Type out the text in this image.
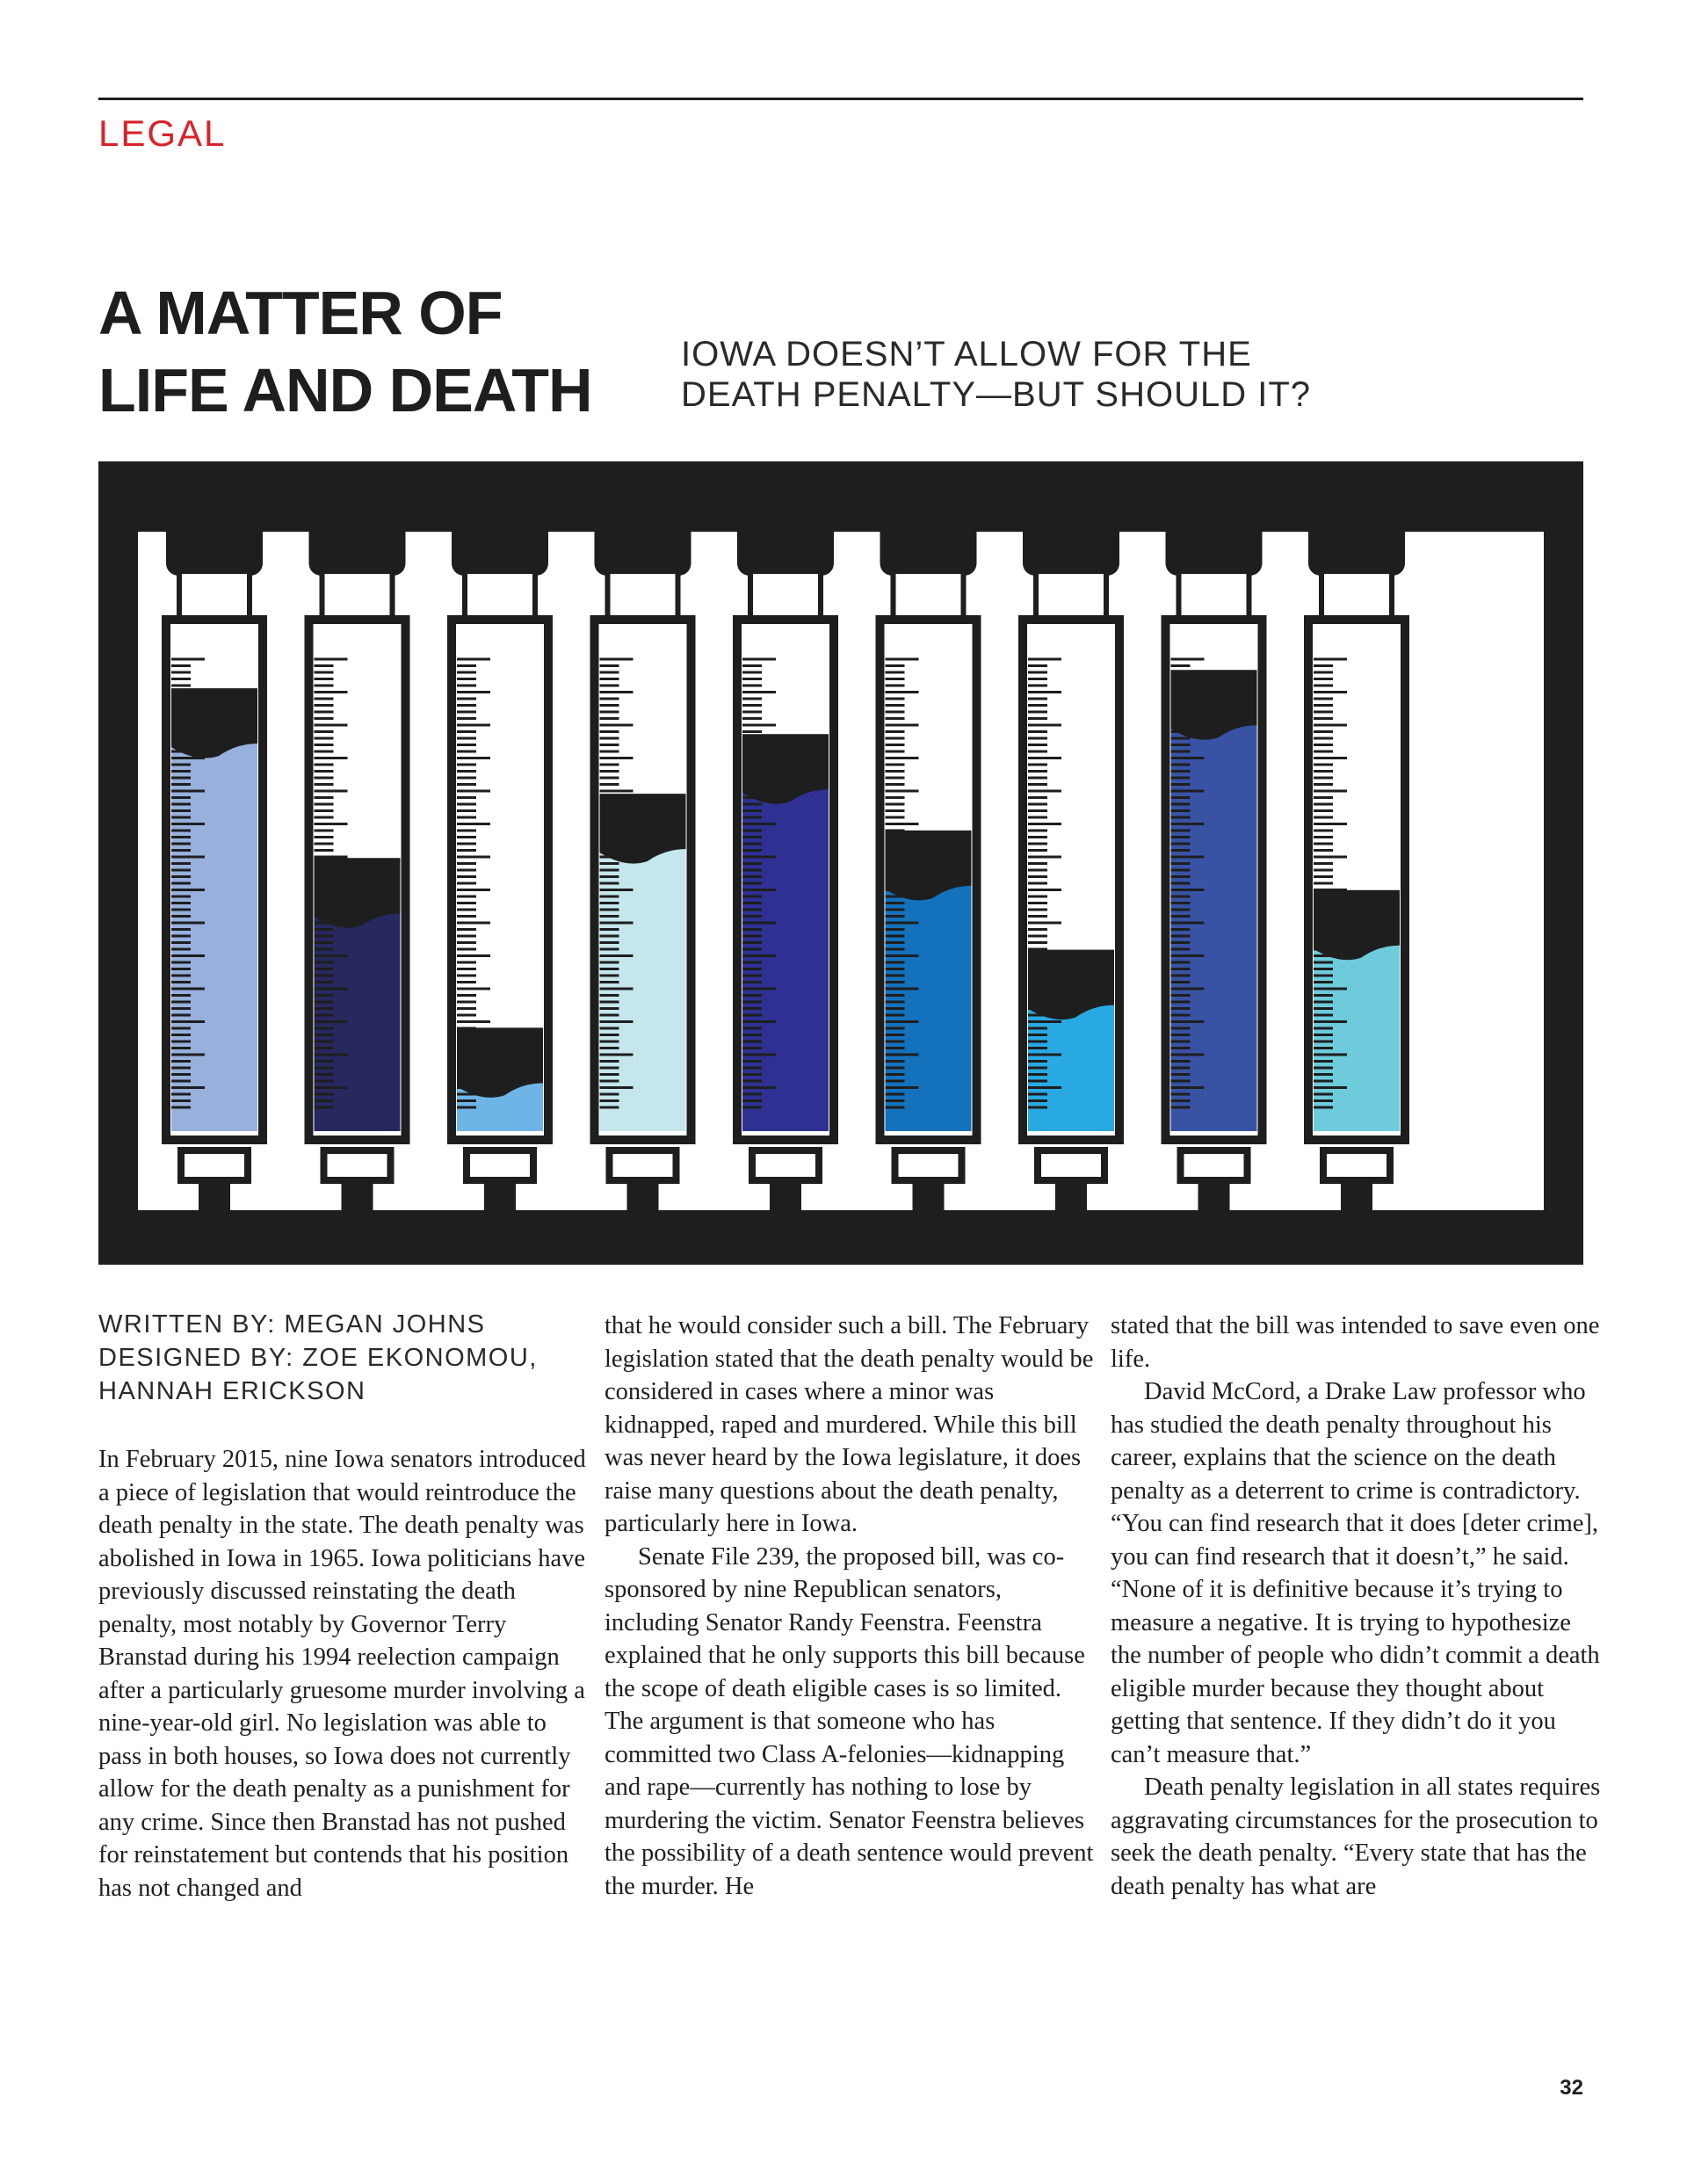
LEGAL
A MATTER OF
LIFE AND DEATH
IOWA DOESN’T ALLOW FOR THE
DEATH PENALTY—BUT SHOULD IT?
WRITTEN BY: MEGAN JOHNS
DESIGNED BY: ZOE EKONOMOU,
HANNAH ERICKSON

In February 2015, nine Iowa senators introduced a piece of legislation that would reintroduce the death penalty in the state. The death penalty was abolished in Iowa in 1965. Iowa politicians have previously discussed reinstating the death penalty, most notably by Governor Terry Branstad during his 1994 reelection campaign after a particularly gruesome murder involving a nine-year-old girl. No legislation was able to pass in both houses, so Iowa does not currently allow for the death penalty as a punishment for any crime. Since then Branstad has not pushed for reinstatement but contends that his position has not changed and

that he would consider such a bill. The February legislation stated that the death penalty would be considered in cases where a minor was kidnapped, raped and murdered. While this bill was never heard by the Iowa legislature, it does raise many questions about the death penalty, particularly here in Iowa.

Senate File 239, the proposed bill, was co-sponsored by nine Republican senators, including Senator Randy Feenstra. Feenstra explained that he only supports this bill because the scope of death eligible cases is so limited. The argument is that someone who has committed two Class A-felonies—kidnapping and rape—currently has nothing to lose by murdering the victim. Senator Feenstra believes the possibility of a death sentence would prevent the murder. He

stated that the bill was intended to save even one life.

David McCord, a Drake Law professor who has studied the death penalty throughout his career, explains that the science on the death penalty as a deterrent to crime is contradictory. “You can find research that it does [deter crime], you can find research that it doesn’t,” he said. “None of it is definitive because it’s trying to measure a negative. It is trying to hypothesize the number of people who didn’t commit a death eligible murder because they thought about getting that sentence. If they didn’t do it you can’t measure that.”

Death penalty legislation in all states requires aggravating circumstances for the prosecution to seek the death penalty. “Every state that has the death penalty has what are

32
